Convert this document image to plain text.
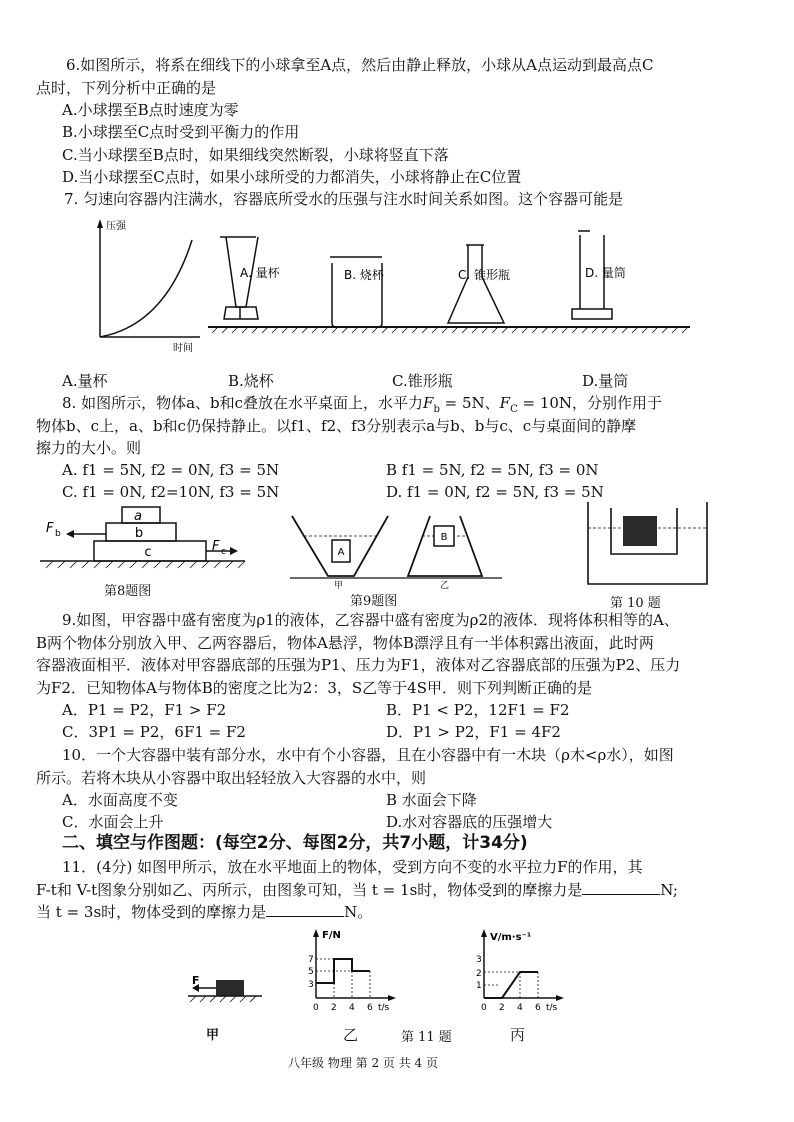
6.如图所示，将系在细线下的小球拿至A点，然后由静止释放，小球从A点运动到最高点C
点时，下列分析中正确的是
A.小球摆至B点时速度为零
B.小球摆至C点时受到平衡力的作用
C.当小球摆至B点时，如果细线突然断裂，小球将竖直下落
D.当小球摆至C点时，如果小球所受的力都消失，小球将静止在C位置
7. 匀速向容器内注满水，容器底所受水的压强与注水时间关系如图。这个容器可能是
压强
时间
A. 量杯	B. 烧杯	C. 锥形瓶	D. 量筒
A.量杯	B.烧杯	C.锥形瓶	D.量筒
8. 如图所示，物体a、b和c叠放在水平桌面上，水平力$F_b = 5N$、$F_C = 10N$，分别作用于
物体b、c上，a、b和c仍保持静止。以f1、f2、f3分别表示a与b、b与c、c与桌面间的静摩
擦力的大小。则
A. f1 = 5N, f2 = 0N, f3 = 5N	B f1 = 5N, f2 = 5N, f3 = 0N
C. f1 = 0N, f2=10N, f3 = 5N	D. f1 = 0N, f2 = 5N, f3 = 5N
a
b
c
F b
F c
第8题图
A
B
甲	乙
第9题图	第 10 题
9.如图，甲容器中盛有密度为ρ1的液体，乙容器中盛有密度为ρ2的液体．现将体积相等的A、
B两个物体分别放入甲、乙两容器后，物体A悬浮，物体B漂浮且有一半体积露出液面，此时两
容器液面相平．液体对甲容器底部的压强为P1、压力为F1，液体对乙容器底部的压强为P2、压力
为F2．已知物体A与物体B的密度之比为2：3，S乙等于4S甲．则下列判断正确的是
A．P1 = P2，F1 > F2	B．P1 < P2，12F1 = F2
C．3P1 = P2，6F1 = F2	D．P1 > P2，F1 = 4F2
10．一个大容器中装有部分水，水中有个小容器，且在小容器中有一木块（ρ木<ρ水），如图
所示。若将木块从小容器中取出轻轻放入大容器的水中，则
A．水面高度不变	B 水面会下降
C．水面会上升	D.水对容器底的压强增大
二、填空与作图题：(每空2分、每图2分，共7小题，计34分)
11．(4分) 如图甲所示，放在水平地面上的物体，受到方向不变的水平拉力F的作用，其
F-t和 V-t图象分别如乙、丙所示，由图象可知，当 t = 1s时，物体受到的摩擦力是	N;
当 t = 3s时，物体受到的摩擦力是	N。
F
甲
F/N
7
5
3
0 2 4 6 t/s
乙	第 11 题
V/m·s⁻¹
3
2
1
0 2 4 6 t/s
丙
八年级 物理 第 2 页 共 4 页
